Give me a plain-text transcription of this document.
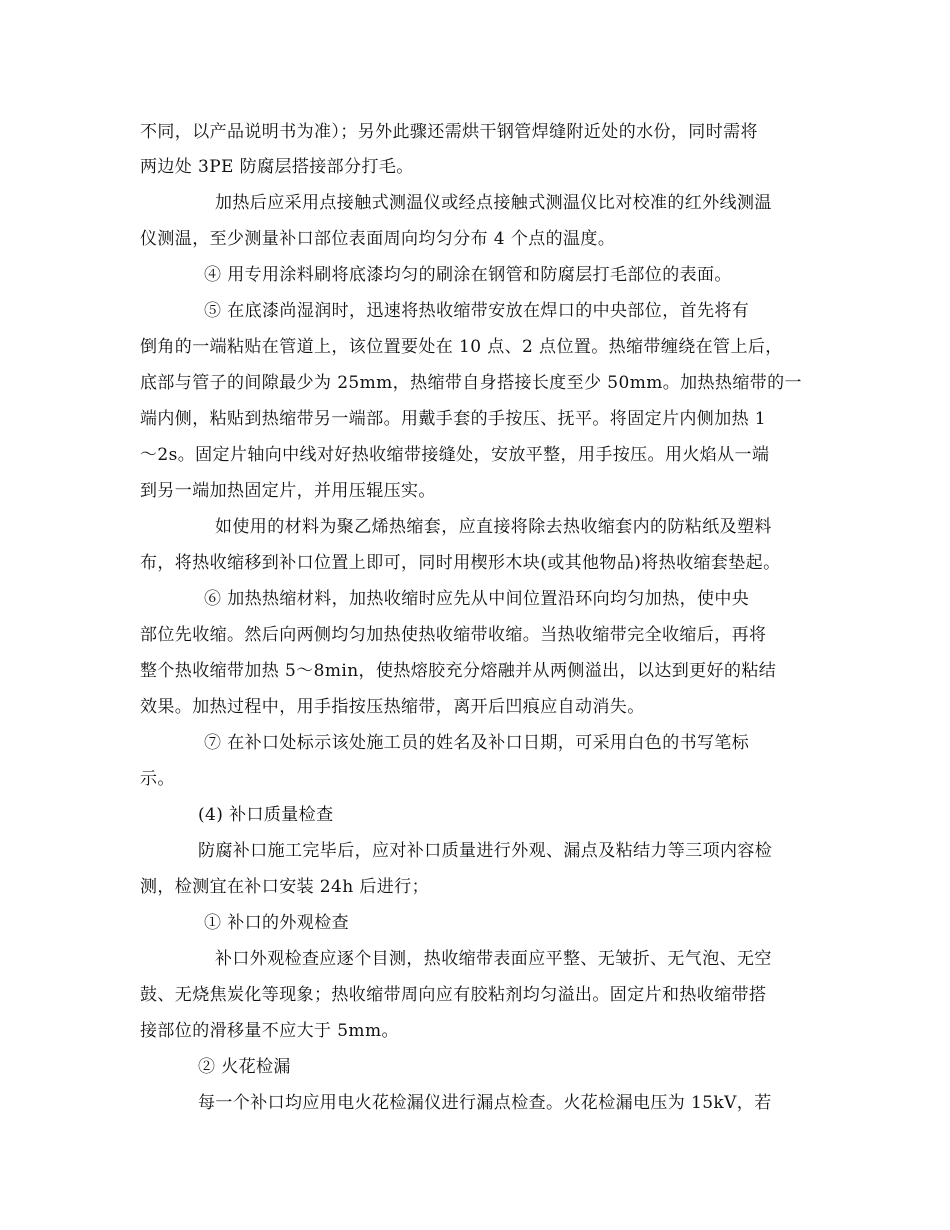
不同，以产品说明书为准）；另外此骤还需烘干钢管焊缝附近处的水份，同时需将
两边处 3PE 防腐层搭接部分打毛。
加热后应采用点接触式测温仪或经点接触式测温仪比对校准的红外线测温
仪测温，至少测量补口部位表面周向均匀分布 4 个点的温度。
④ 用专用涂料刷将底漆均匀的刷涂在钢管和防腐层打毛部位的表面。
⑤ 在底漆尚湿润时，迅速将热收缩带安放在焊口的中央部位，首先将有
倒角的一端粘贴在管道上，该位置要处在 10 点、2 点位置。热缩带缠绕在管上后，
底部与管子的间隙最少为 25mm，热缩带自身搭接长度至少 50mm。加热热缩带的一
端内侧，粘贴到热缩带另一端部。用戴手套的手按压、抚平。将固定片内侧加热 1
～2s。固定片轴向中线对好热收缩带接缝处，安放平整，用手按压。用火焰从一端
到另一端加热固定片，并用压辊压实。
如使用的材料为聚乙烯热缩套，应直接将除去热收缩套内的防粘纸及塑料
布，将热收缩移到补口位置上即可，同时用楔形木块(或其他物品)将热收缩套垫起。
⑥ 加热热缩材料，加热收缩时应先从中间位置沿环向均匀加热，使中央
部位先收缩。然后向两侧均匀加热使热收缩带收缩。当热收缩带完全收缩后，再将
整个热收缩带加热 5～8min，使热熔胶充分熔融并从两侧溢出，以达到更好的粘结
效果。加热过程中，用手指按压热缩带，离开后凹痕应自动消失。
⑦ 在补口处标示该处施工员的姓名及补口日期，可采用白色的书写笔标
示。
(4) 补口质量检查
防腐补口施工完毕后，应对补口质量进行外观、漏点及粘结力等三项内容检
测，检测宜在补口安装 24h 后进行；
① 补口的外观检查
补口外观检查应逐个目测，热收缩带表面应平整、无皱折、无气泡、无空
鼓、无烧焦炭化等现象；热收缩带周向应有胶粘剂均匀溢出。固定片和热收缩带搭
接部位的滑移量不应大于 5mm。
② 火花检漏
每一个补口均应用电火花检漏仪进行漏点检查。火花检漏电压为 15kV，若
